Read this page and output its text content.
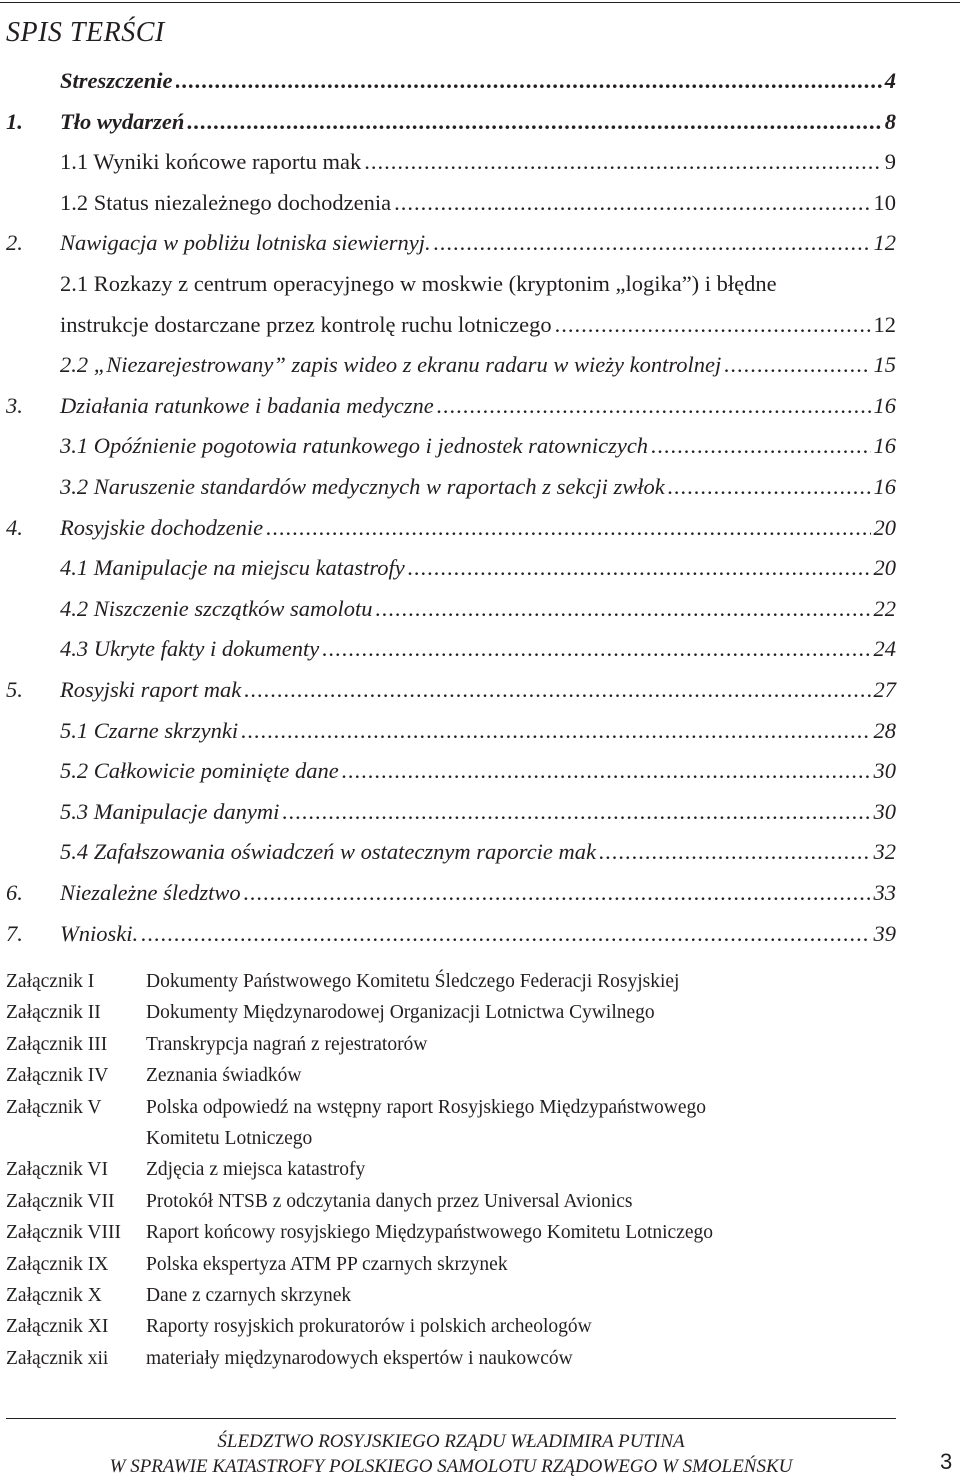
SPIS TERŚCI
Streszczenie .....	4
1.	Tło wydarzeń .....	8
1.1 Wyniki końcowe raportu mak .....	9
1.2 Status niezależnego dochodzenia .....	10
2.	Nawigacja w pobliżu lotniska siewiernyj. .....	12
2.1 Rozkazy z centrum operacyjnego w moskwie (kryptonim „logika”) i błędne
instrukcje dostarczane przez kontrolę ruchu lotniczego .....	12
2.2 „Niezarejestrowany” zapis wideo z ekranu radaru w wieży kontrolnej .....	15
3.	Działania ratunkowe i badania medyczne .....	16
3.1 Opóźnienie pogotowia ratunkowego i jednostek ratowniczych .....	16
3.2 Naruszenie standardów medycznych w raportach z sekcji zwłok .....	16
4.	Rosyjskie dochodzenie .....	20
4.1 Manipulacje na miejscu katastrofy .....	20
4.2 Niszczenie szczątków samolotu .....	22
4.3 Ukryte fakty i dokumenty .....	24
5.	Rosyjski raport mak .....	27
5.1 Czarne skrzynki .....	28
5.2 Całkowicie pominięte dane .....	30
5.3 Manipulacje danymi .....	30
5.4 Zafałszowania oświadczeń w ostatecznym raporcie mak .....	32
6.	Niezależne śledztwo .....	33
7.	Wnioski. .....	39
Załącznik I	Dokumenty Państwowego Komitetu Śledczego Federacji Rosyjskiej
Załącznik II Dokumenty Międzynarodowej Organizacji Lotnictwa Cywilnego
Załącznik III Transkrypcja nagrań z rejestratorów
Załącznik IV Zeznania świadków
Załącznik V Polska odpowiedź na wstępny raport Rosyjskiego Międzypaństwowego
Komitetu Lotniczego
Załącznik VI Zdjęcia z miejsca katastrofy
Załącznik VII Protokół NTSB z odczytania danych przez Universal Avionics
Załącznik VIII Raport końcowy rosyjskiego Międzypaństwowego Komitetu Lotniczego
Załącznik IX Polska ekspertyza ATM PP czarnych skrzynek
Załącznik X Dane z czarnych skrzynek
Załącznik XI Raporty rosyjskich prokuratorów i polskich archeologów
Załącznik xii materiały międzynarodowych ekspertów i naukowców
ŚLEDZTWO ROSYJSKIEGO RZĄDU WŁADIMIRA PUTINA
W SPRAWIE KATASTROFY POLSKIEGO SAMOLOTU RZĄDOWEGO W SMOLEŃSKU	3
